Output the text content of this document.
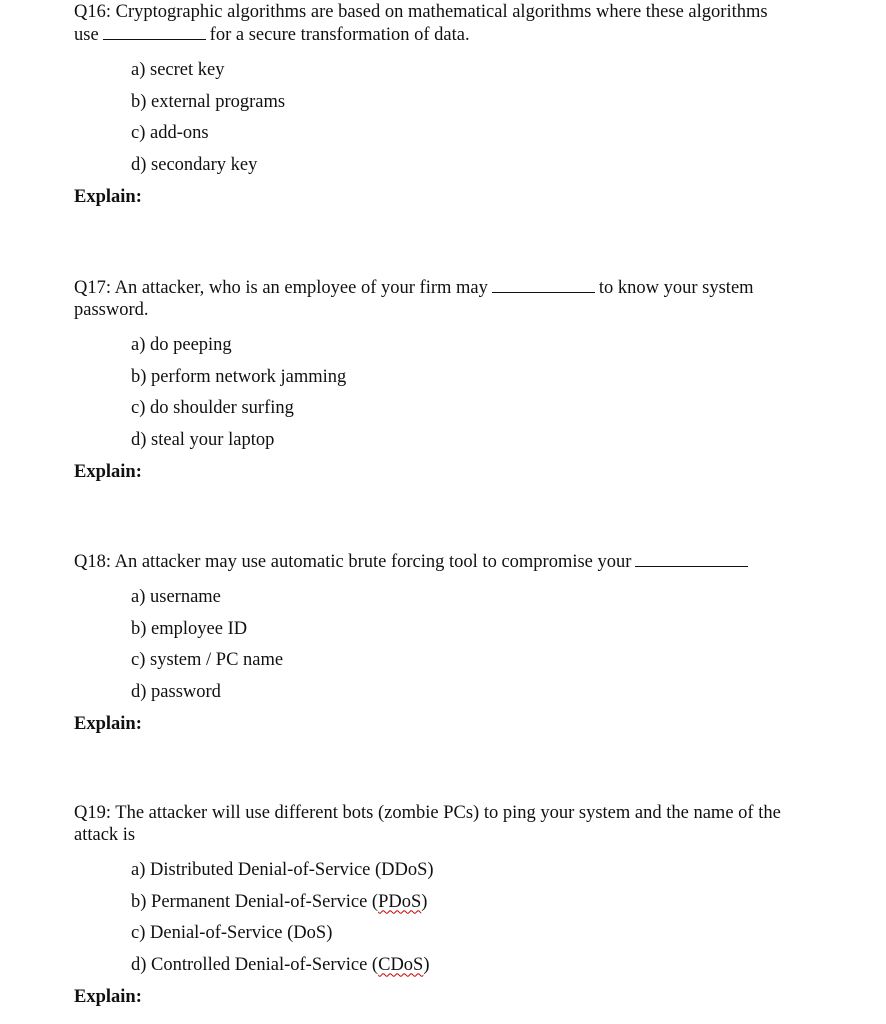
Q16: Cryptographic algorithms are based on mathematical algorithms where these algorithms
use	for a secure transformation of data.

a) secret key
b) external programs
c) add-ons
d) secondary key
Explain:

Q17: An attacker, who is an employee of your firm may	to know your system
password.

a) do peeping
b) perform network jamming
c) do shoulder surfing
d) steal your laptop
Explain:

Q18: An attacker may use automatic brute forcing tool to compromise your

a) username
b) employee ID
c) system / PC name
d) password
Explain:

Q19: The attacker will use different bots (zombie PCs) to ping your system and the name of the
attack is

a) Distributed Denial-of-Service (DDoS)
b) Permanent Denial-of-Service (PDoS)
c) Denial-of-Service (DoS)
d) Controlled Denial-of-Service (CDoS)
Explain:
